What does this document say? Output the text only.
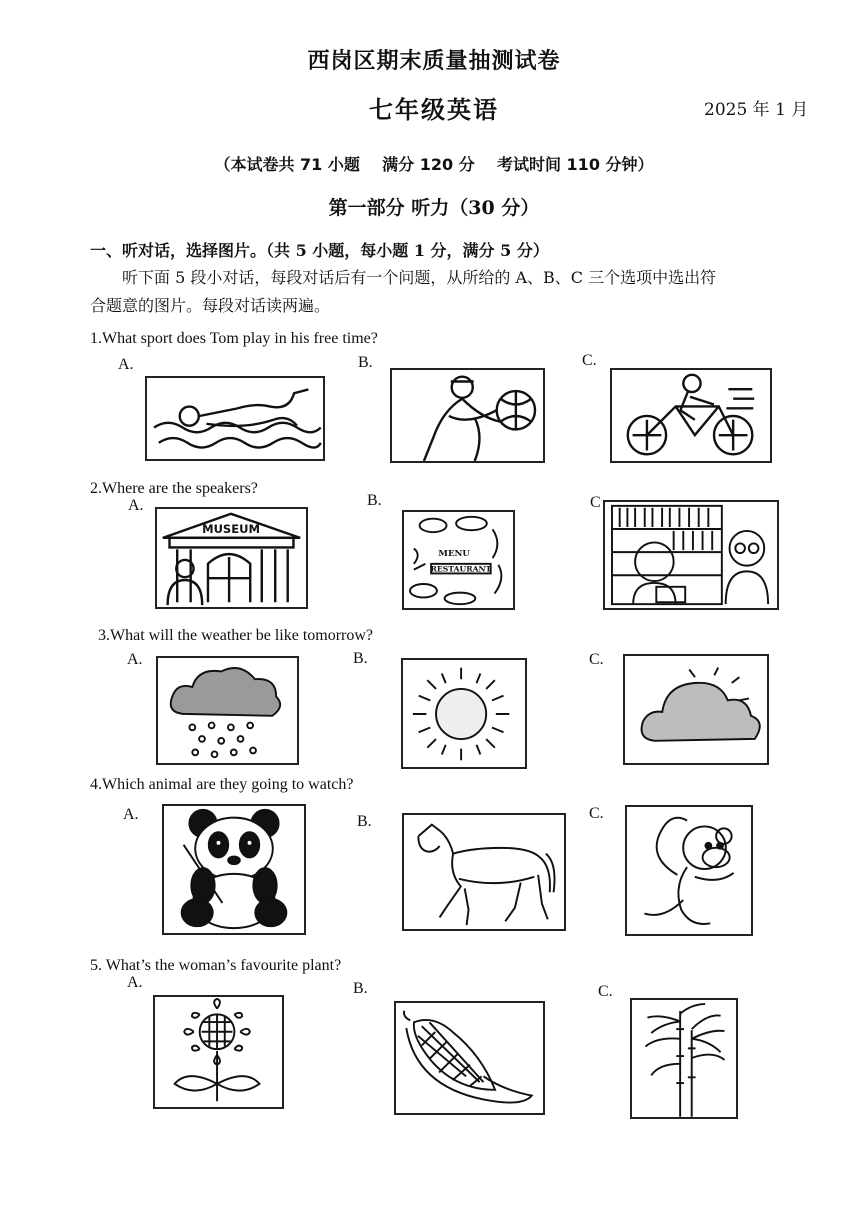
西岗区期末质量抽测试卷
七年级英语	2025 年 1 月
（本试卷共 71 小题    满分 120 分    考试时间 110 分钟）
第一部分 听力（30 分）
一、听对话，选择图片。（共 5 小题，每小题 1 分，满分 5 分）
听下面 5 段小对话，每段对话后有一个问题，从所给的 A、B、C 三个选项中选出符
合题意的图片。每段对话读两遍。
1.What sport does Tom play in his free time?
A.	B.	C.
2.Where are the speakers?
A.	B.	C
MUSEUM
MENU
RESTAURANT
3.What will the weather be like tomorrow?
A.	B.	C.
4.Which animal are they going to watch?
A.	B.	C.
5. What’s the woman’s favourite plant?
A.	B.	C.
